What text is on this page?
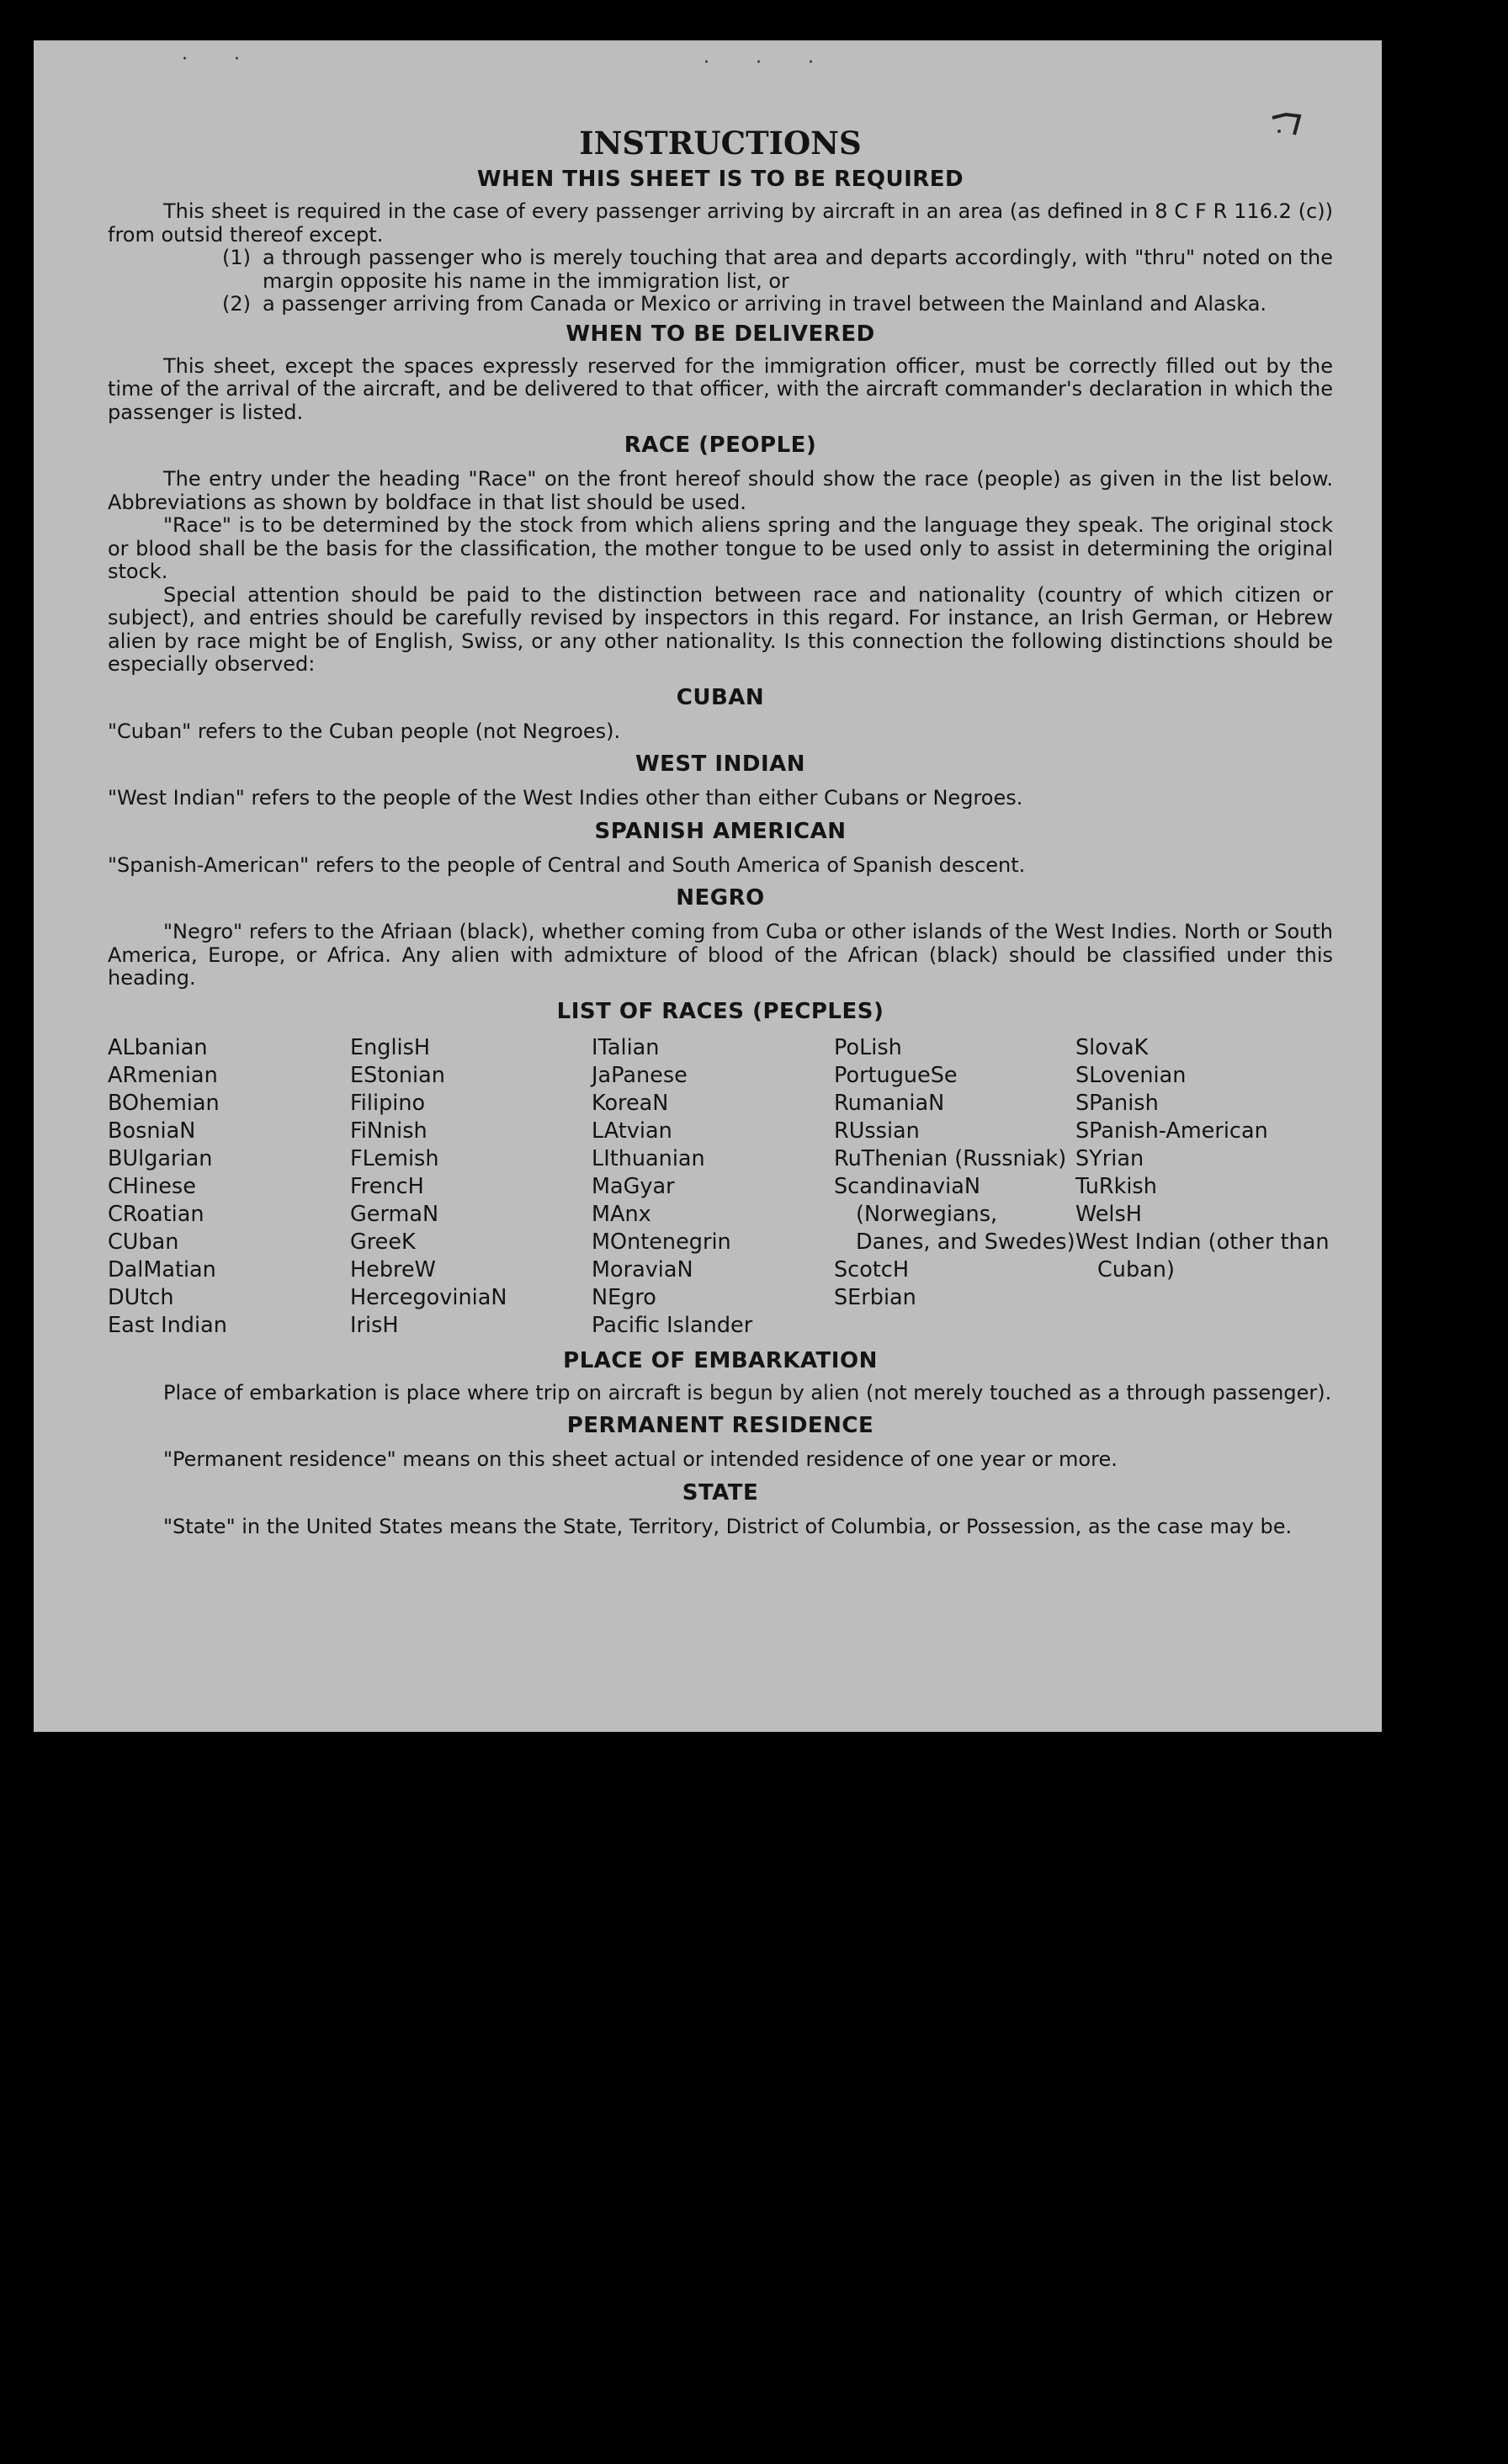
· ·	· · ·
INSTRUCTIONS
WHEN THIS SHEET IS TO BE REQUIRED

This sheet is required in the case of every passenger arriving by aircraft in an area (as defined in 8 C F R 116.2 (c)) from outsid thereof except.

(1) a through passenger who is merely touching that area and departs accordingly, with "thru" noted on the margin opposite his name in the immigration list, or
(2) a passenger arriving from Canada or Mexico or arriving in travel between the Mainland and Alaska.
WHEN TO BE DELIVERED

This sheet, except the spaces expressly reserved for the immigration officer, must be correctly filled out by the time of the arrival of the aircraft, and be delivered to that officer, with the aircraft commander's declaration in which the passenger is listed.

RACE (PEOPLE)

The entry under the heading "Race" on the front hereof should show the race (people) as given in the list below. Abbreviations as shown by boldface in that list should be used.

"Race" is to be determined by the stock from which aliens spring and the language they speak. The original stock or blood shall be the basis for the classification, the mother tongue to be used only to assist in determining the original stock.

Special attention should be paid to the distinction between race and nationality (country of which citizen or subject), and entries should be carefully revised by inspectors in this regard. For instance, an Irish German, or Hebrew alien by race might be of English, Swiss, or any other nationality. Is this connection the following distinctions should be especially observed:

CUBAN

"Cuban" refers to the Cuban people (not Negroes).

WEST INDIAN

"West Indian" refers to the people of the West Indies other than either Cubans or Negroes.

SPANISH AMERICAN

"Spanish-American" refers to the people of Central and South America of Spanish descent.

NEGRO

"Negro" refers to the Afriaan (black), whether coming from Cuba or other islands of the West Indies. North or South America, Europe, or Africa. Any alien with admixture of blood of the African (black) should be classified under this heading.

LIST OF RACES (PECPLES)
ALbanian
ARmenian
BOhemian
BosniaN
BUlgarian
CHinese
CRoatian
CUban
DalMatian
DUtch
East Indian
EnglisH
EStonian
Filipino
FiNnish
FLemish
FrencH
GermaN
GreeK
HebreW
HercegoviniaN
IrisH
ITalian
JaPanese
KoreaN
LAtvian
LIthuanian
MaGyar
MAnx
MOntenegrin
MoraviaN
NEgro
Pacific Islander
PoLish
PortugueSe
RumaniaN
RUssian
RuThenian (Russniak)
ScandinaviaN (Norwegians, Danes, and Swedes)
ScotcH
SErbian
SlovaK
SLovenian
SPanish
SPanish-American
SYrian
TuRkish
WelsH
West Indian (other than Cuban)
PLACE OF EMBARKATION

Place of embarkation is place where trip on aircraft is begun by alien (not merely touched as a through passenger).

PERMANENT RESIDENCE

"Permanent residence" means on this sheet actual or intended residence of one year or more.

STATE

"State" in the United States means the State, Territory, District of Columbia, or Possession, as the case may be.
